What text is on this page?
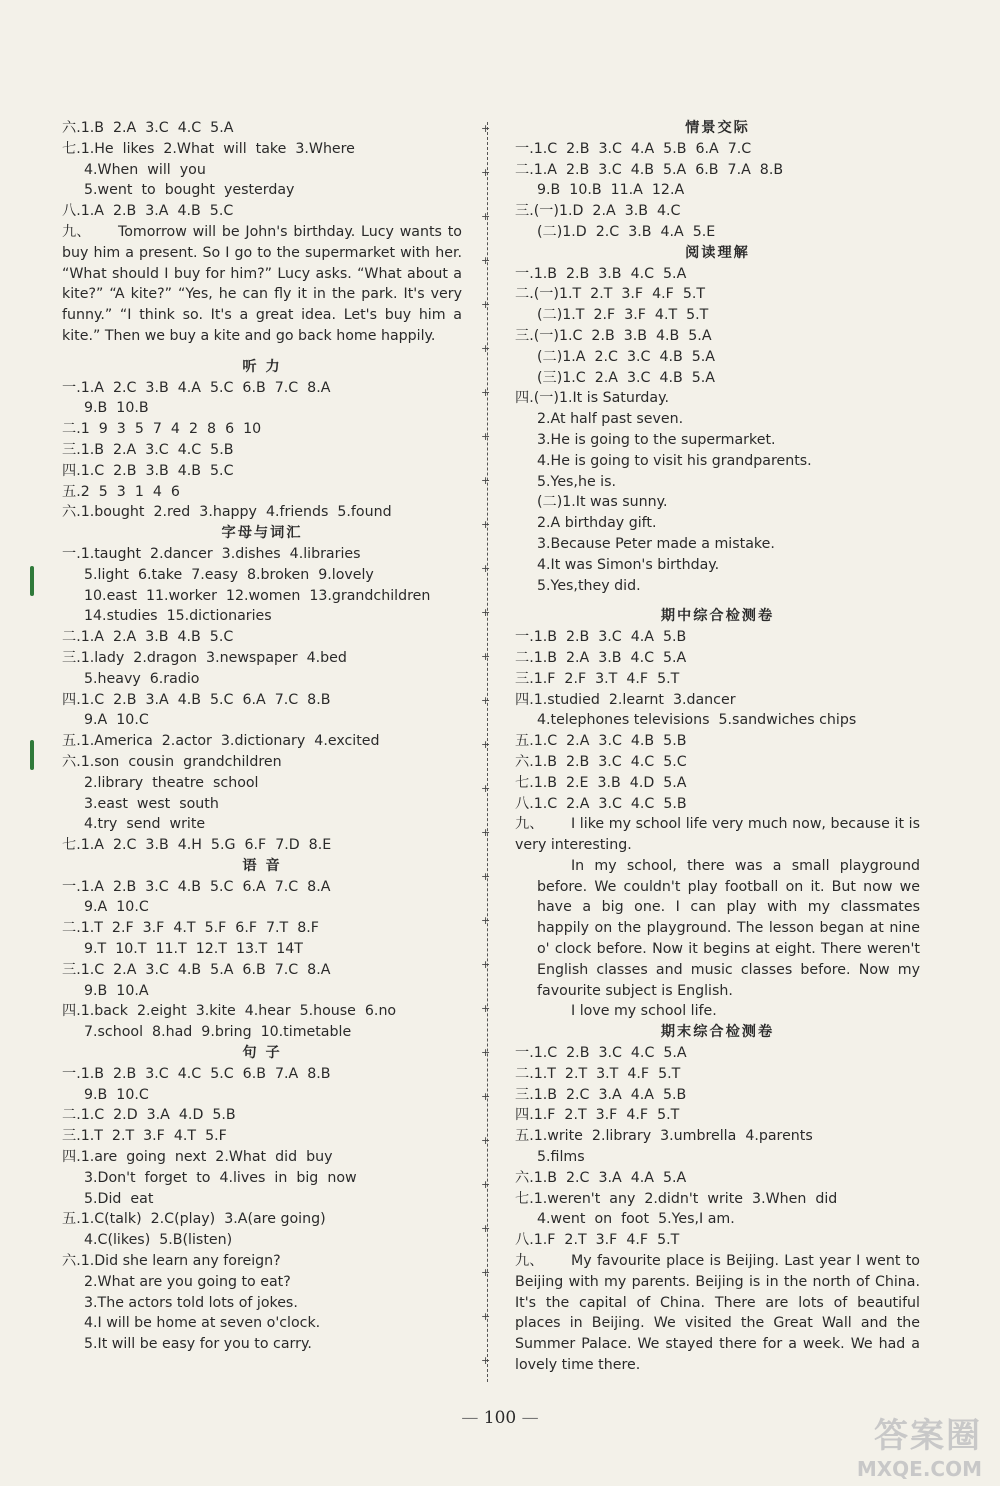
六.1.B  2.A  3.C  4.C  5.A
七.1.He  likes  2.What  will  take  3.Where
4.When  will  you
5.went  to  bought  yesterday
八.1.A  2.B  3.A  4.B  5.C

九、 Tomorrow will be John's birthday. Lucy wants to buy him a present. So I go to the supermarket with her. “What should I buy for him?” Lucy asks. “What about a kite?” “A kite?” “Yes, he can fly it in the park. It's very funny.” “I think so. It's a great idea. Let's buy him a kite.” Then we buy a kite and go back home happily.

听 力
一.1.A  2.C  3.B  4.A  5.C  6.B  7.C  8.A
9.B  10.B
二.1  9  3  5  7  4  2  8  6  10
三.1.B  2.A  3.C  4.C  5.B
四.1.C  2.B  3.B  4.B  5.C
五.2  5  3  1  4  6
六.1.bought  2.red  3.happy  4.friends  5.found
字母与词汇
一.1.taught  2.dancer  3.dishes  4.libraries
5.light  6.take  7.easy  8.broken  9.lovely
10.east  11.worker  12.women  13.grandchildren
14.studies  15.dictionaries
二.1.A  2.A  3.B  4.B  5.C
三.1.lady  2.dragon  3.newspaper  4.bed
5.heavy  6.radio
四.1.C  2.B  3.A  4.B  5.C  6.A  7.C  8.B
9.A  10.C
五.1.America  2.actor  3.dictionary  4.excited
六.1.son  cousin  grandchildren
2.library  theatre  school
3.east  west  south
4.try  send  write
七.1.A  2.C  3.B  4.H  5.G  6.F  7.D  8.E
语 音
一.1.A  2.B  3.C  4.B  5.C  6.A  7.C  8.A
9.A  10.C
二.1.T  2.F  3.F  4.T  5.F  6.F  7.T  8.F
9.T  10.T  11.T  12.T  13.T  14T
三.1.C  2.A  3.C  4.B  5.A  6.B  7.C  8.A
9.B  10.A
四.1.back  2.eight  3.kite  4.hear  5.house  6.no
7.school  8.had  9.bring  10.timetable
句 子
一.1.B  2.B  3.C  4.C  5.C  6.B  7.A  8.B
9.B  10.C
二.1.C  2.D  3.A  4.D  5.B
三.1.T  2.T  3.F  4.T  5.F
四.1.are  going  next  2.What  did  buy
3.Don't  forget  to  4.lives  in  big  now
5.Did  eat
五.1.C(talk)  2.C(play)  3.A(are going)
4.C(likes)  5.B(listen)
六.1.Did she learn any foreign?
2.What are you going to eat?
3.The actors told lots of jokes.
4.I will be home at seven o'clock.
5.It will be easy for you to carry.
情景交际
一.1.C  2.B  3.C  4.A  5.B  6.A  7.C
二.1.A  2.B  3.C  4.B  5.A  6.B  7.A  8.B
9.B  10.B  11.A  12.A
三.(一)1.D  2.A  3.B  4.C
(二)1.D  2.C  3.B  4.A  5.E
阅读理解
一.1.B  2.B  3.B  4.C  5.A
二.(一)1.T  2.T  3.F  4.F  5.T
(二)1.T  2.F  3.F  4.T  5.T
三.(一)1.C  2.B  3.B  4.B  5.A
(二)1.A  2.C  3.C  4.B  5.A
(三)1.C  2.A  3.C  4.B  5.A
四.(一)1.It is Saturday.
2.At half past seven.
3.He is going to the supermarket.
4.He is going to visit his grandparents.
5.Yes,he is.
(二)1.It was sunny.
2.A birthday gift.
3.Because Peter made a mistake.
4.It was Simon's birthday.
5.Yes,they did.
期中综合检测卷
一.1.B  2.B  3.C  4.A  5.B
二.1.B  2.A  3.B  4.C  5.A
三.1.F  2.F  3.T  4.F  5.T
四.1.studied  2.learnt  3.dancer
4.telephones televisions  5.sandwiches chips
五.1.C  2.A  3.C  4.B  5.B
六.1.B  2.B  3.C  4.C  5.C
七.1.B  2.E  3.B  4.D  5.A
八.1.C  2.A  3.C  4.C  5.B

九、 I like my school life very much now, because it is very interesting.

In my school, there was a small playground before. We couldn't play football on it. But now we have a big one. I can play with my classmates happily on the playground. The lesson began at nine o' clock before. Now it begins at eight. There weren't English classes and music classes before. Now my favourite subject is English.

I love my school life.

期末综合检测卷
一.1.C  2.B  3.C  4.C  5.A
二.1.T  2.T  3.T  4.F  5.T
三.1.B  2.C  3.A  4.A  5.B
四.1.F  2.T  3.F  4.F  5.T
五.1.write  2.library  3.umbrella  4.parents
5.films
六.1.B  2.C  3.A  4.A  5.A
七.1.weren't  any  2.didn't  write  3.When  did
4.went  on  foot  5.Yes,I am.
八.1.F  2.T  3.F  4.F  5.T

九、 My favourite place is Beijing. Last year I went to Beijing with my parents. Beijing is in the north of China. It's the capital of China. There are lots of beautiful places in Beijing. We visited the Great Wall and the Summer Palace. We stayed there for a week. We had a lovely time there.

— 100 —	答案圈
MXQE.COM
+
+
+
+
+
+
+
+
+
+
+
+
+
+
+
+
+
+
+
+
+
+
+
+
+
+
+
+
+
